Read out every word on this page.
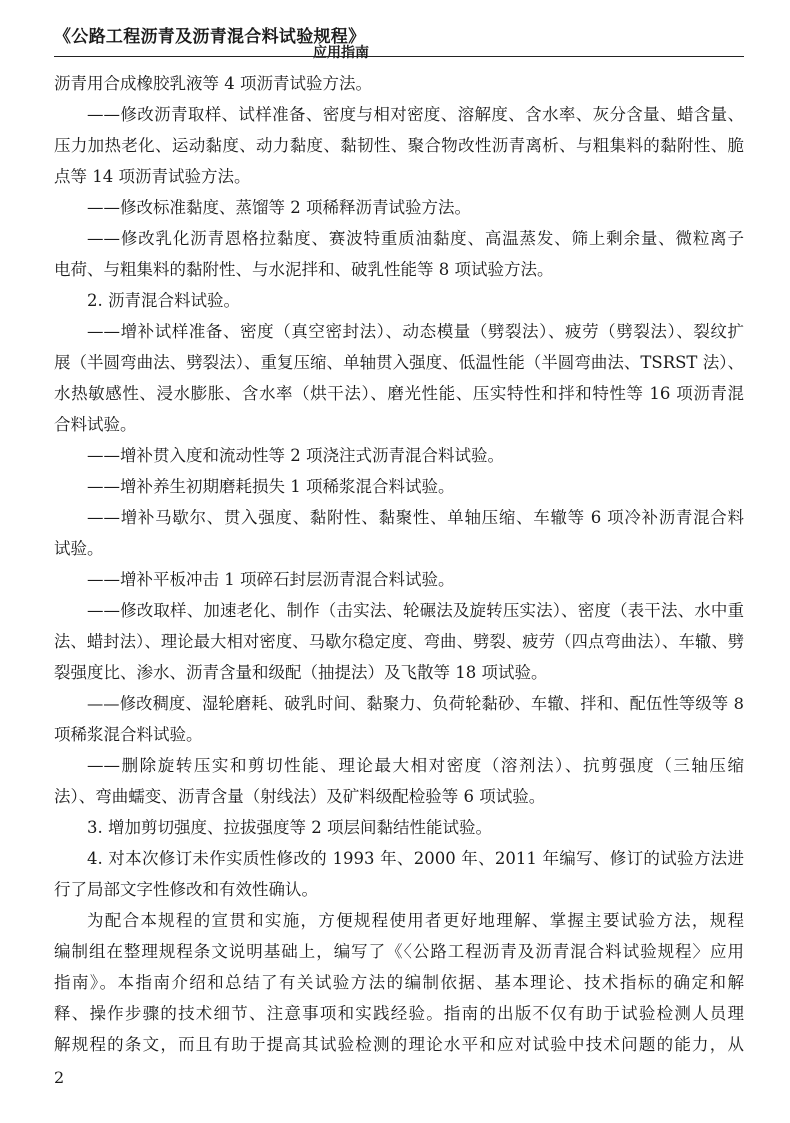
《公路工程沥青及沥青混合料试验规程》
应用指南
沥青用合成橡胶乳液等 4 项沥青试验方法。
——修改沥青取样、试样准备、密度与相对密度、溶解度、含水率、灰分含量、蜡含量、
压力加热老化、运动黏度、动力黏度、黏韧性、聚合物改性沥青离析、与粗集料的黏附性、脆
点等 14 项沥青试验方法。
——修改标准黏度、蒸馏等 2 项稀释沥青试验方法。
——修改乳化沥青恩格拉黏度、赛波特重质油黏度、高温蒸发、筛上剩余量、微粒离子
电荷、与粗集料的黏附性、与水泥拌和、破乳性能等 8 项试验方法。
2. 沥青混合料试验。
——增补试样准备、密度（真空密封法）、动态模量（劈裂法）、疲劳（劈裂法）、裂纹扩
展（半圆弯曲法、劈裂法）、重复压缩、单轴贯入强度、低温性能（半圆弯曲法、TSRST 法）、
水热敏感性、浸水膨胀、含水率（烘干法）、磨光性能、压实特性和拌和特性等 16 项沥青混
合料试验。
——增补贯入度和流动性等 2 项浇注式沥青混合料试验。
——增补养生初期磨耗损失 1 项稀浆混合料试验。
——增补马歇尔、贯入强度、黏附性、黏聚性、单轴压缩、车辙等 6 项冷补沥青混合料
试验。
——增补平板冲击 1 项碎石封层沥青混合料试验。
——修改取样、加速老化、制作（击实法、轮碾法及旋转压实法）、密度（表干法、水中重
法、蜡封法）、理论最大相对密度、马歇尔稳定度、弯曲、劈裂、疲劳（四点弯曲法）、车辙、劈
裂强度比、渗水、沥青含量和级配（抽提法）及飞散等 18 项试验。
——修改稠度、湿轮磨耗、破乳时间、黏聚力、负荷轮黏砂、车辙、拌和、配伍性等级等 8
项稀浆混合料试验。
——删除旋转压实和剪切性能、理论最大相对密度（溶剂法）、抗剪强度（三轴压缩
法）、弯曲蠕变、沥青含量（射线法）及矿料级配检验等 6 项试验。
3. 增加剪切强度、拉拔强度等 2 项层间黏结性能试验。
4. 对本次修订未作实质性修改的 1993 年、2000 年、2011 年编写、修订的试验方法进
行了局部文字性修改和有效性确认。
为配合本规程的宣贯和实施，方便规程使用者更好地理解、掌握主要试验方法，规程
编制组在整理规程条文说明基础上，编写了《〈公路工程沥青及沥青混合料试验规程〉应用
指南》。本指南介绍和总结了有关试验方法的编制依据、基本理论、技术指标的确定和解
释、操作步骤的技术细节、注意事项和实践经验。指南的出版不仅有助于试验检测人员理
解规程的条文，而且有助于提高其试验检测的理论水平和应对试验中技术问题的能力，从
2
